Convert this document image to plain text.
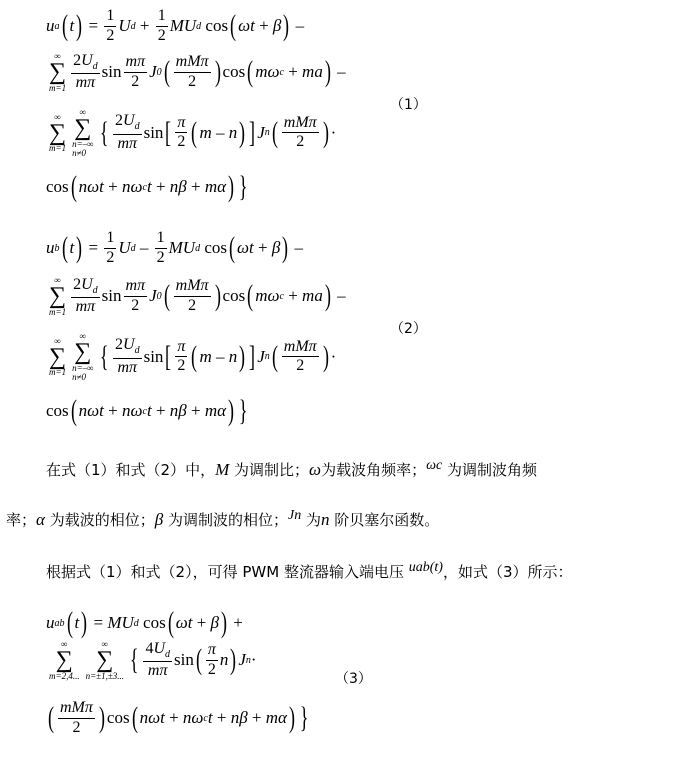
u a ( t ) = $\frac{1}{2}$ U $d + \frac{1}{2}$ MU d cos ( ωt + β ) –
∞
∑
$m=1 \frac{2U_d}{m\pi}$ $\sin \frac{m\pi}{2}$ J 0 ( $\frac{\text{mMπ}}{2}$ ) cos ( mω c + ma ) –
∞
∑
m=1
∞
∑
n=–∞
n≠0
{ $\frac{2U_d}{m\pi}$ sin [ $\frac{\pi}{2}$ ( m – n ) ] J n ( $\frac{\text{mMπ}}{2}$ ) ·
cos ( nωt + nω c t + nβ + mα ) }
（1）
u b ( t ) = $\frac{1}{2}$ U d – $\frac{1}{2}$ MU d cos ( ωt + β ) –
∞
∑
$m=1 \frac{2U_d}{m\pi}$ $\sin \frac{m\pi}{2}$ J 0 ( $\frac{\text{mMπ}}{2}$ ) cos ( mω c + ma ) –
∞
∑
m=1
∞
∑
n=–∞
n≠0
{ $\frac{2U_d}{m\pi}$ sin [ $\frac{\pi}{2}$ ( m – n ) ] J n ( $\frac{\text{mMπ}}{2}$ ) ·
cos ( nωt + nω c t + nβ + mα ) }
（2）
在式（1）和式（2）中，M 为调制比；ω为载波角频率；ωc 为调制波角频
率；α 为载波的相位；β 为调制波的相位；Jn 为n 阶贝塞尔函数。
根据式（1）和式（2），可得 PWM 整流器输入端电压 uab(t)，如式（3）所示：
u ab ( t ) = MU d cos ( ωt + β ) +
∞
∑
m=2,4...
∞
∑
n=±1,±3... { $\frac{4U_d}{m\pi}$ sin ( $\frac{\pi}{2}$ n ) J n ·
( $\frac{\text{mMπ}}{2}$ ) cos ( nωt + nω c t + nβ + mα ) }
（3）
